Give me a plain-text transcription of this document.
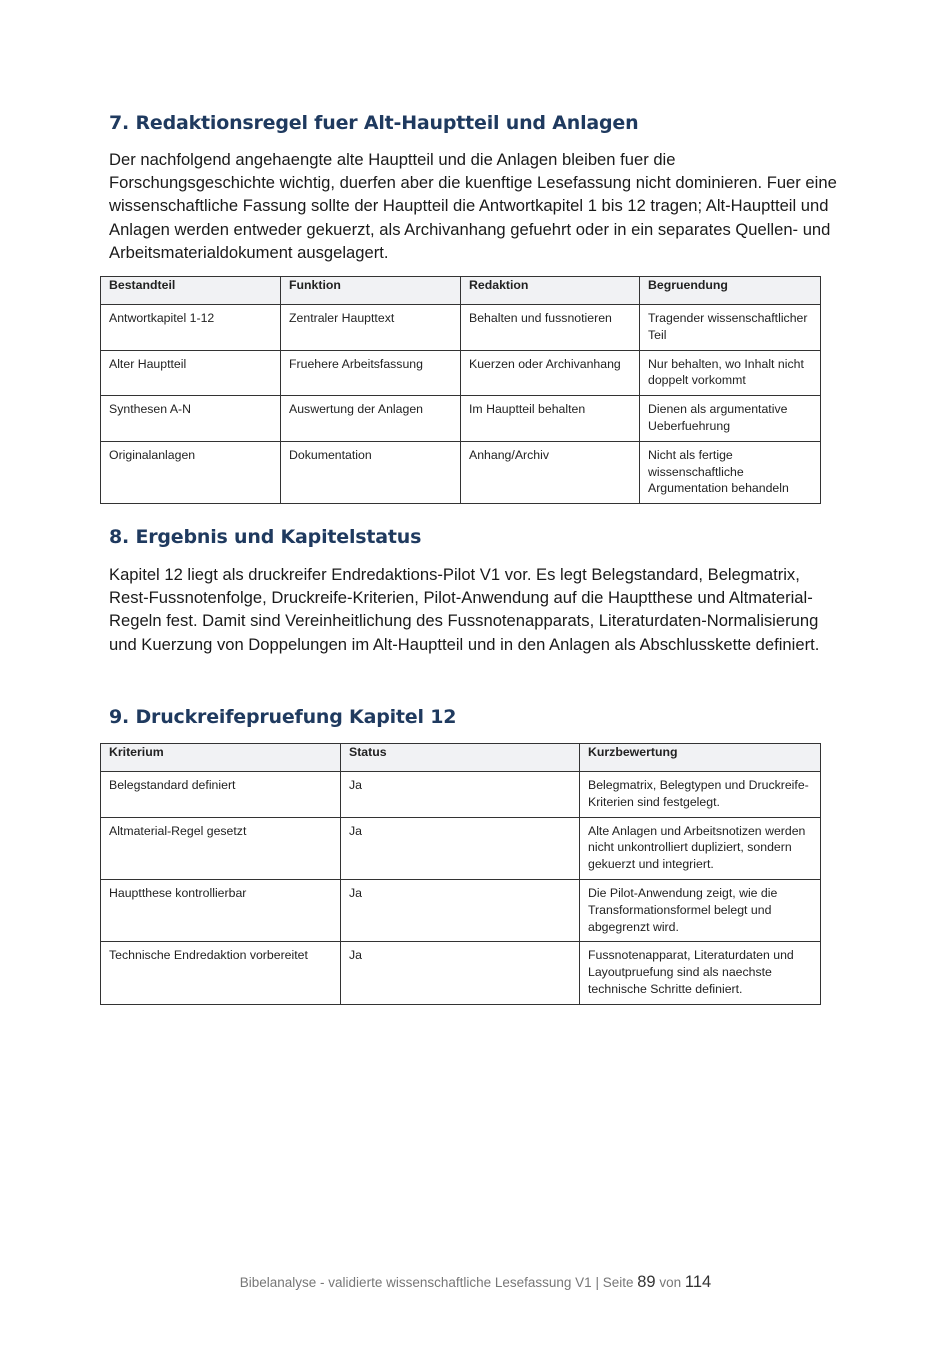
7. Redaktionsregel fuer Alt-Hauptteil und Anlagen

Der nachfolgend angehaengte alte Hauptteil und die Anlagen bleiben fuer die Forschungsgeschichte wichtig, duerfen aber die kuenftige Lesefassung nicht dominieren. Fuer eine wissenschaftliche Fassung sollte der Hauptteil die Antwortkapitel 1 bis 12 tragen; Alt-Hauptteil und Anlagen werden entweder gekuerzt, als Archivanhang gefuehrt oder in ein separates Quellen- und Arbeitsmaterialdokument ausgelagert.

Bestandteil	Funktion	Redaktion	Begruendung
Antwortkapitel 1-12	Zentraler Haupttext	Behalten und fussnotieren	Tragender wissenschaftlicher Teil
Alter Hauptteil	Fruehere Arbeitsfassung	Kuerzen oder Archivanhang	Nur behalten, wo Inhalt nicht doppelt vorkommt
Synthesen A-N	Auswertung der Anlagen	Im Hauptteil behalten	Dienen als argumentative Ueberfuehrung
Originalanlagen	Dokumentation	Anhang/Archiv	Nicht als fertige wissenschaftliche Argumentation behandeln
8. Ergebnis und Kapitelstatus

Kapitel 12 liegt als druckreifer Endredaktions-Pilot V1 vor. Es legt Belegstandard, Belegmatrix, Rest-Fussnotenfolge, Druckreife-Kriterien, Pilot-Anwendung auf die Hauptthese und Altmaterial-Regeln fest. Damit sind Vereinheitlichung des Fussnotenapparats, Literaturdaten-Normalisierung und Kuerzung von Doppelungen im Alt-Hauptteil und in den Anlagen als Abschlusskette definiert.

9. Druckreifepruefung Kapitel 12
Kriterium	Status	Kurzbewertung
Belegstandard definiert	Ja	Belegmatrix, Belegtypen und Druckreife-Kriterien sind festgelegt.
Altmaterial-Regel gesetzt	Ja	Alte Anlagen und Arbeitsnotizen werden nicht unkontrolliert dupliziert, sondern gekuerzt und integriert.
Hauptthese kontrollierbar	Ja	Die Pilot-Anwendung zeigt, wie die Transformationsformel belegt und abgegrenzt wird.
Technische Endredaktion vorbereitet	Ja	Fussnotenapparat, Literaturdaten und Layoutpruefung sind als naechste technische Schritte definiert.
Bibelanalyse - validierte wissenschaftliche Lesefassung V1 | Seite 89 von 114
